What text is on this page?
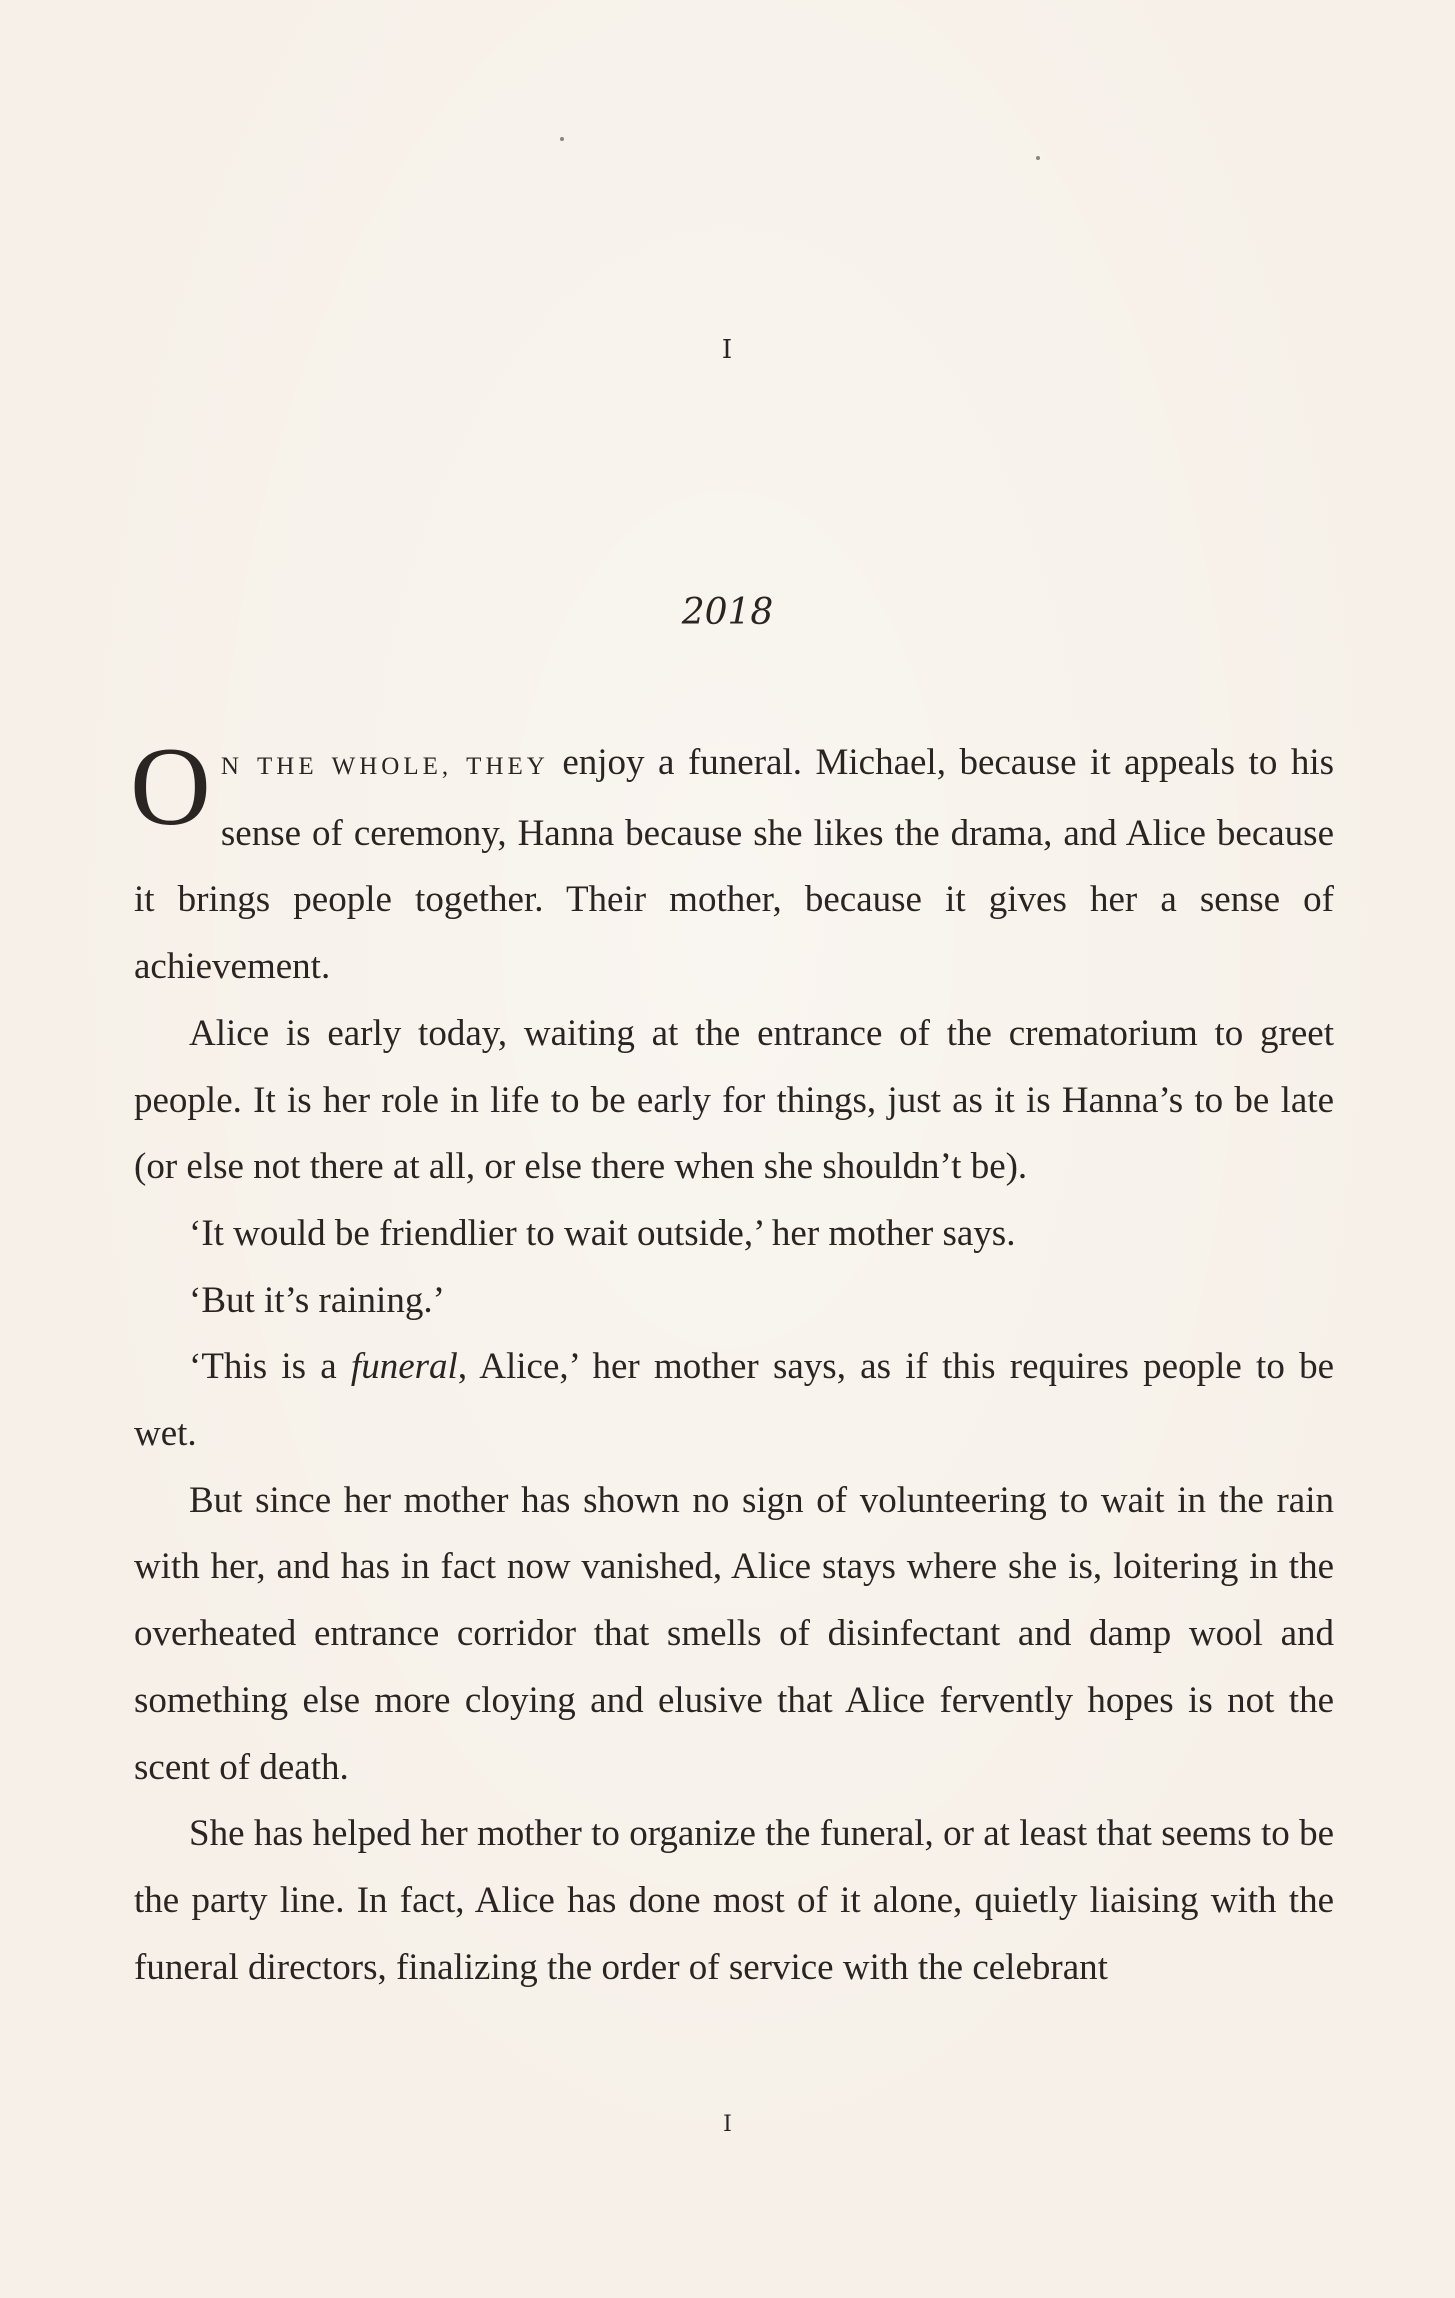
I
2018

ON THE WHOLE, THEY enjoy a funeral. Michael, because it appeals to his sense of ceremony, Hanna because she likes the drama, and Alice because it brings people together. Their mother, because it gives her a sense of achievement.

Alice is early today, waiting at the entrance of the crematorium to greet people. It is her role in life to be early for things, just as it is Hanna’s to be late (or else not there at all, or else there when she shouldn’t be).

‘It would be friendlier to wait outside,’ her mother says.

‘But it’s raining.’

‘This is a funeral, Alice,’ her mother says, as if this requires people to be wet.

But since her mother has shown no sign of volunteering to wait in the rain with her, and has in fact now vanished, Alice stays where she is, loitering in the overheated entrance corridor that smells of disinfectant and damp wool and something else more cloying and elusive that Alice fervently hopes is not the scent of death.

She has helped her mother to organize the funeral, or at least that seems to be the party line. In fact, Alice has done most of it alone, quietly liaising with the funeral directors, finalizing the order of service with the celebrant

I
